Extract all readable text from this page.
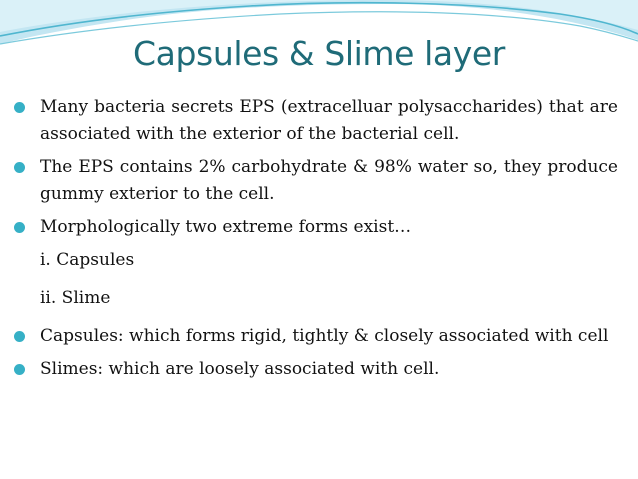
Capsules & Slime layer
Many bacteria secrets EPS (extracelluar polysaccharides) that are associated with the exterior of the bacterial cell.
The EPS contains 2% carbohydrate & 98% water so, they produce gummy exterior to the cell.
Morphologically two extreme forms exist…
i. Capsules
ii. Slime
Capsules: which forms rigid, tightly & closely associated with cell
Slimes: which are loosely associated with cell.
